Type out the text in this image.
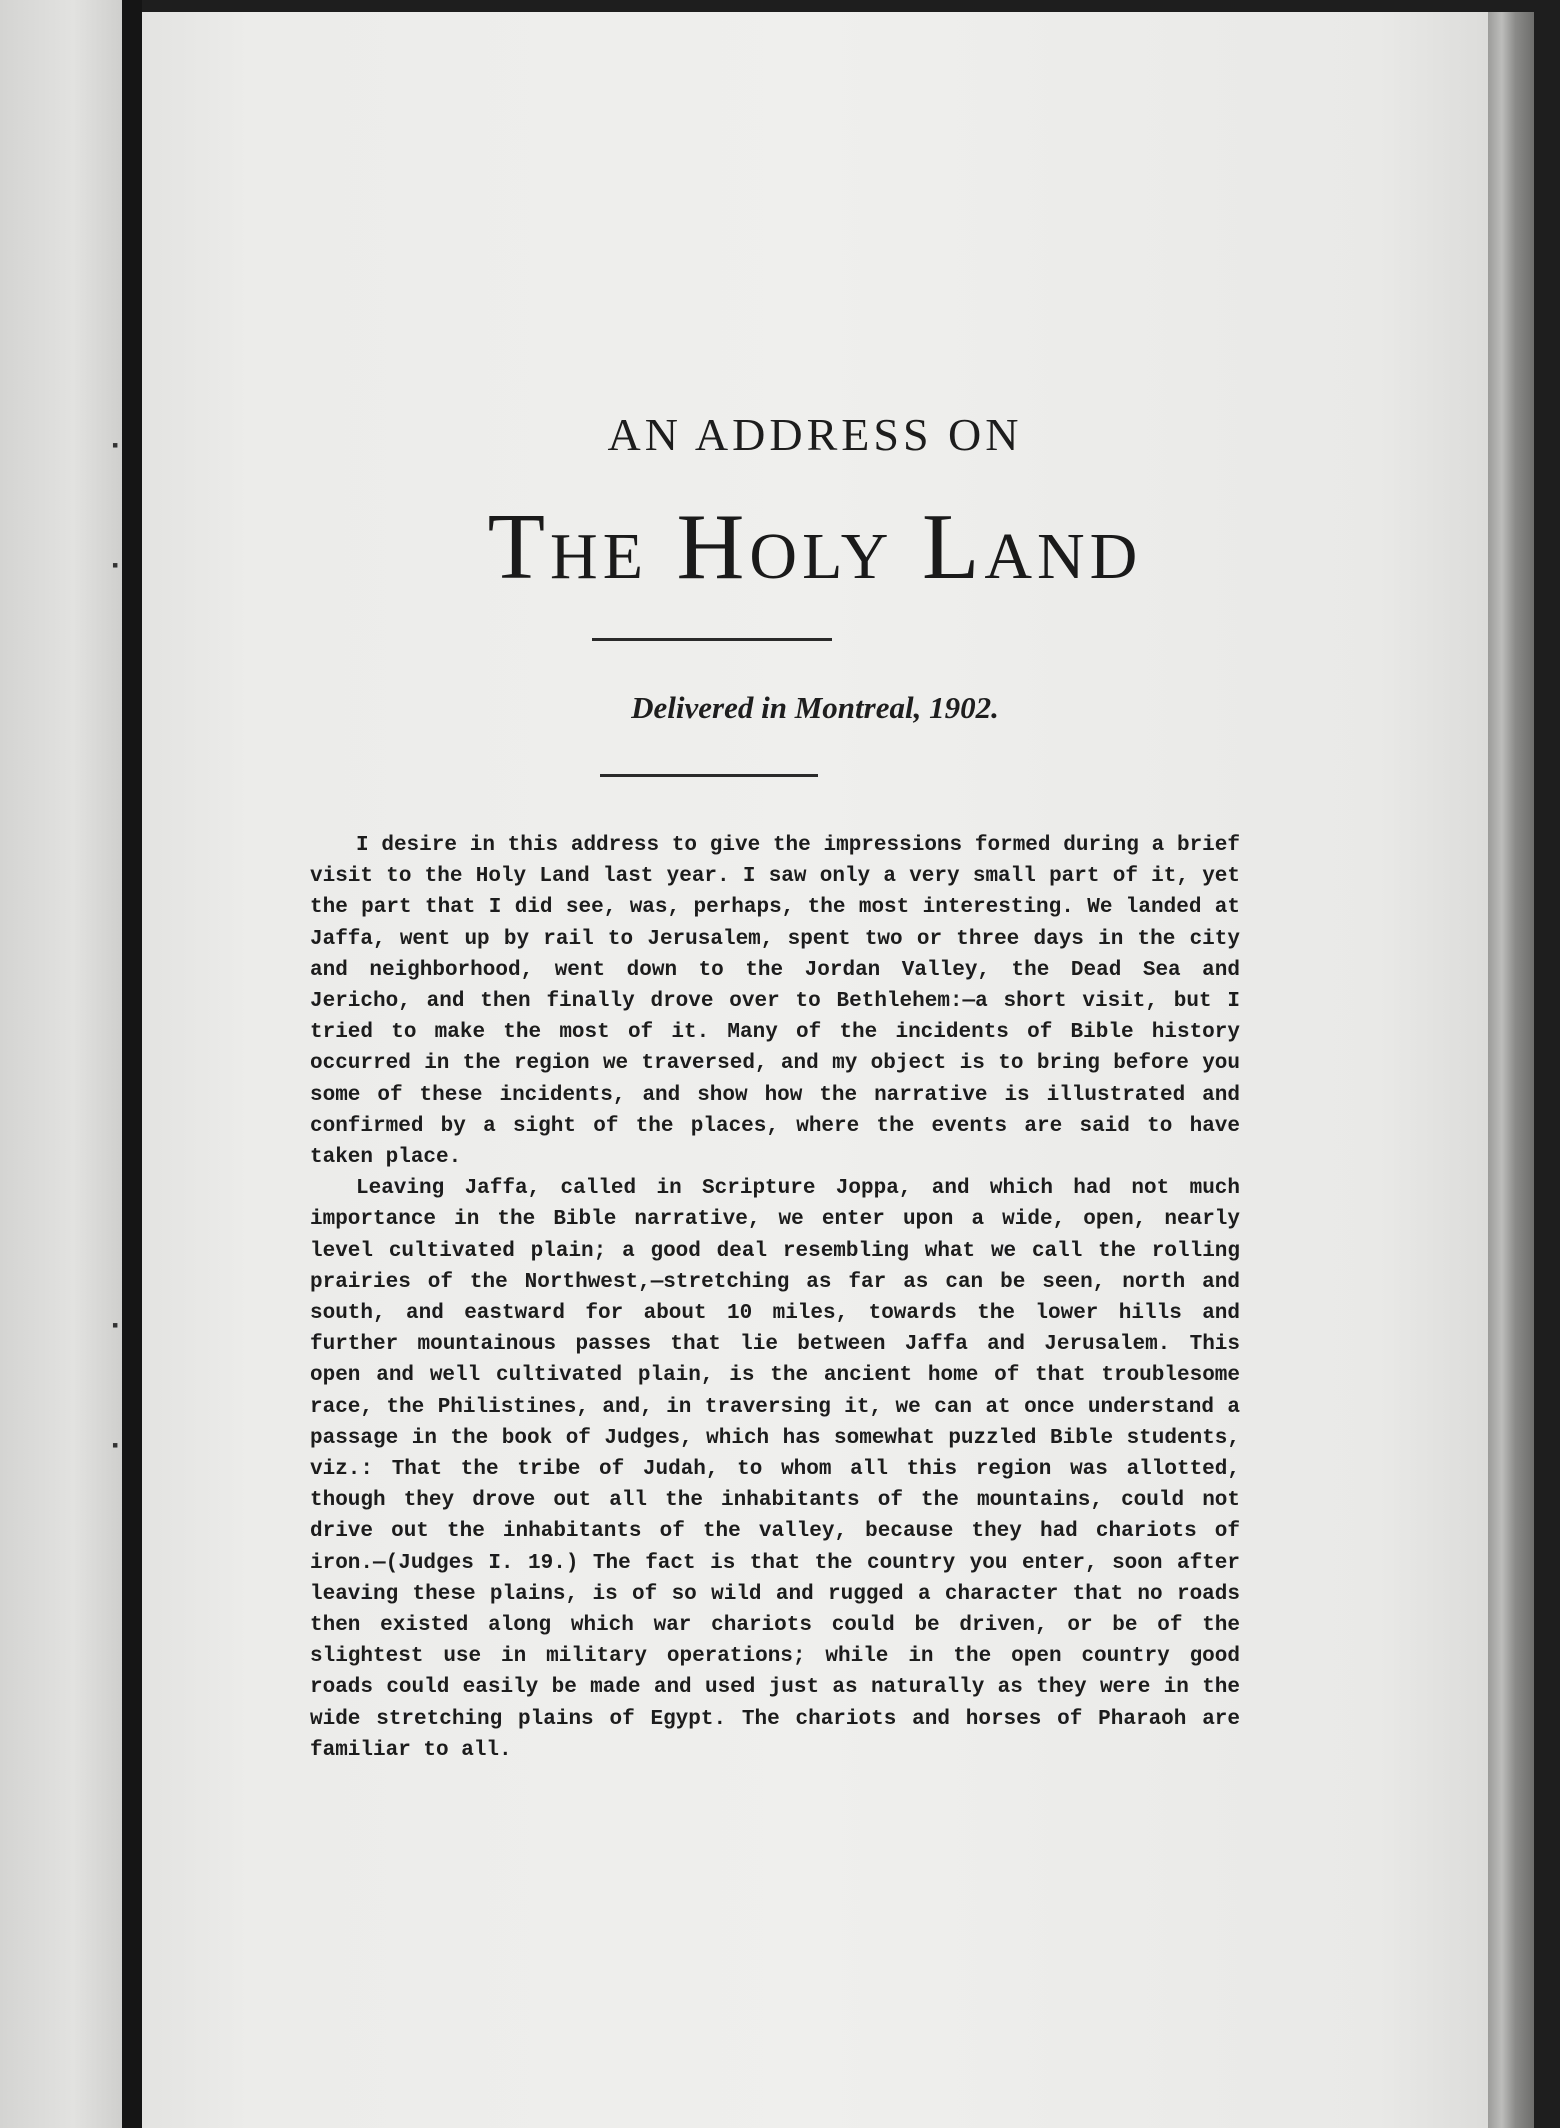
▪
▪
▪
▪
AN ADDRESS ON
The Holy Land
Delivered in Montreal, 1902.

I desire in this address to give the impressions formed during a brief visit to the Holy Land last year. I saw only a very small part of it, yet the part that I did see, was, perhaps, the most interesting. We landed at Jaffa, went up by rail to Jerusalem, spent two or three days in the city and neighborhood, went down to the Jordan Valley, the Dead Sea and Jericho, and then finally drove over to Bethlehem:—a short visit, but I tried to make the most of it. Many of the incidents of Bible history occurred in the region we traversed, and my object is to bring before you some of these incidents, and show how the narrative is illustrated and confirmed by a sight of the places, where the events are said to have taken place.

Leaving Jaffa, called in Scripture Joppa, and which had not much importance in the Bible narrative, we enter upon a wide, open, nearly level cultivated plain; a good deal resembling what we call the rolling prairies of the Northwest,—stretching as far as can be seen, north and south, and eastward for about 10 miles, towards the lower hills and further mountainous passes that lie between Jaffa and Jerusalem. This open and well cultivated plain, is the ancient home of that troublesome race, the Philistines, and, in traversing it, we can at once understand a passage in the book of Judges, which has somewhat puzzled Bible students, viz.: That the tribe of Judah, to whom all this region was allotted, though they drove out all the inhabitants of the mountains, could not drive out the inhabitants of the valley, because they had chariots of iron.—(Judges I. 19.) The fact is that the country you enter, soon after leaving these plains, is of so wild and rugged a character that no roads then existed along which war chariots could be driven, or be of the slightest use in military operations; while in the open country good roads could easily be made and used just as naturally as they were in the wide stretching plains of Egypt. The chariots and horses of Pharaoh are familiar to all.
